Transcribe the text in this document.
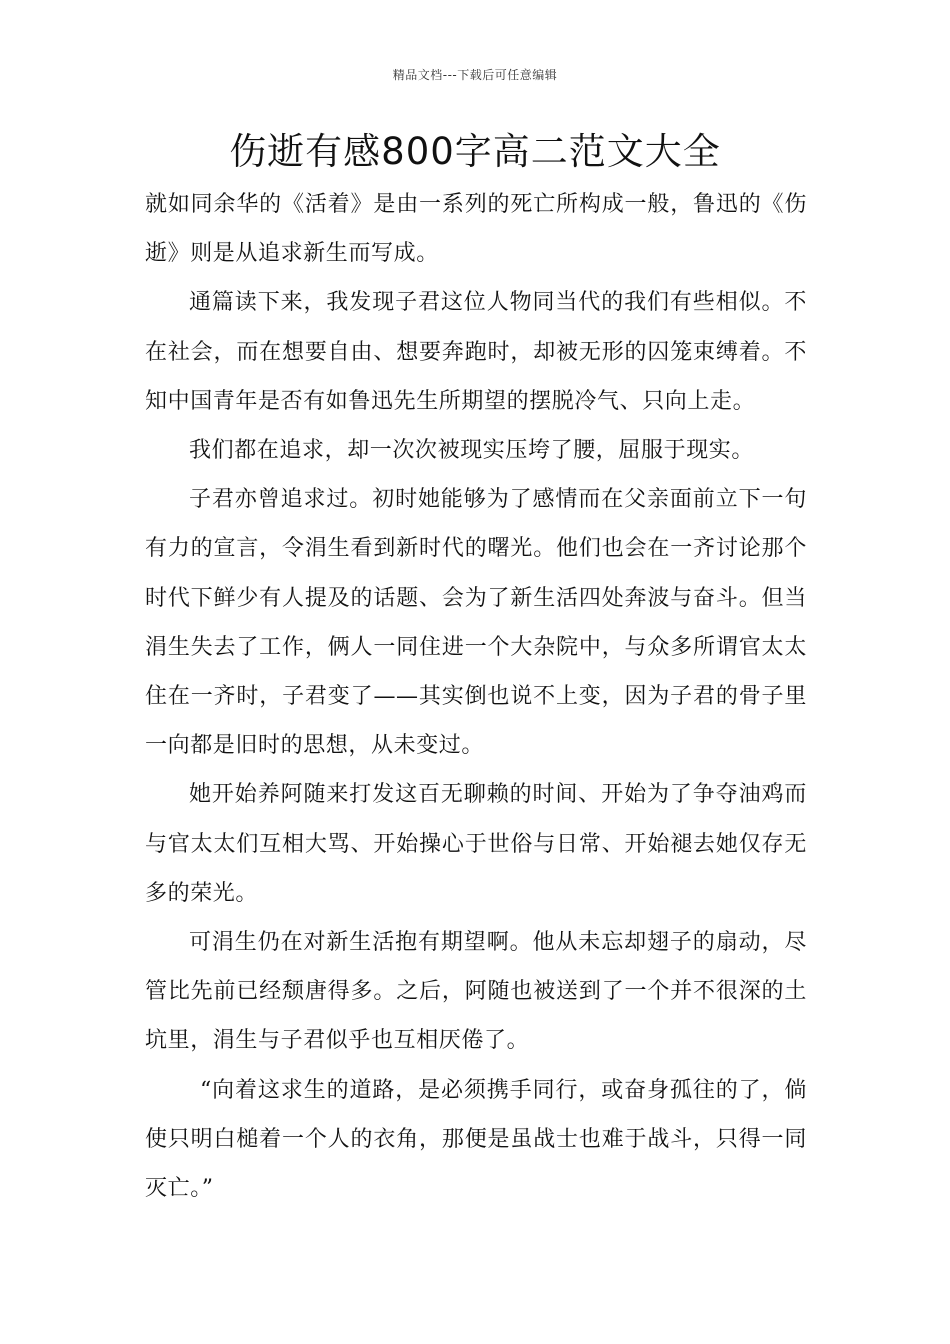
精品文档---下载后可任意编辑
伤逝有感800字高二范文大全

就如同余华的《活着》是由一系列的死亡所构成一般，鲁迅的《伤逝》则是从追求新生而写成。

通篇读下来，我发现子君这位人物同当代的我们有些相似。不在社会，而在想要自由、想要奔跑时，却被无形的囚笼束缚着。不知中国青年是否有如鲁迅先生所期望的摆脱冷气、只向上走。

我们都在追求，却一次次被现实压垮了腰，屈服于现实。

子君亦曾追求过。初时她能够为了感情而在父亲面前立下一句有力的宣言，令涓生看到新时代的曙光。他们也会在一齐讨论那个时代下鲜少有人提及的话题、会为了新生活四处奔波与奋斗。但当涓生失去了工作，俩人一同住进一个大杂院中，与众多所谓官太太住在一齐时，子君变了——其实倒也说不上变，因为子君的骨子里一向都是旧时的思想，从未变过。

她开始养阿随来打发这百无聊赖的时间、开始为了争夺油鸡而与官太太们互相大骂、开始操心于世俗与日常、开始褪去她仅存无多的荣光。

可涓生仍在对新生活抱有期望啊。他从未忘却翅子的扇动，尽管比先前已经颓唐得多。之后，阿随也被送到了一个并不很深的土坑里，涓生与子君似乎也互相厌倦了。

“向着这求生的道路，是必须携手同行，或奋身孤往的了，倘使只明白槌着一个人的衣角，那便是虽战士也难于战斗，只得一同灭亡。”
